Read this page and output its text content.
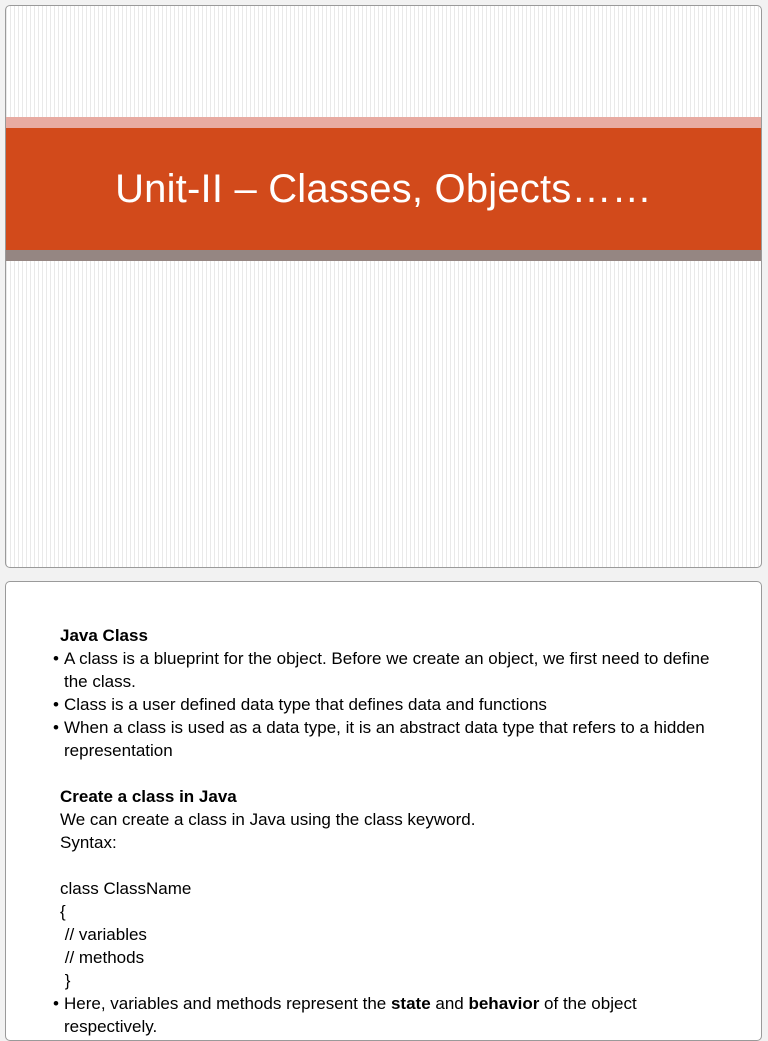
Unit-II – Classes, Objects……

Java Class

• A class is a blueprint for the object. Before we create an object, we first need to define the class.
• Class is a user defined data type that defines data and functions
• When a class is used as a data type, it is an abstract data type that refers to a hidden representation

Create a class in Java

We can create a class in Java using the class keyword.

Syntax:

class ClassName

{

// variables

// methods

}

• Here, variables and methods represent the state and behavior of the object respectively.
